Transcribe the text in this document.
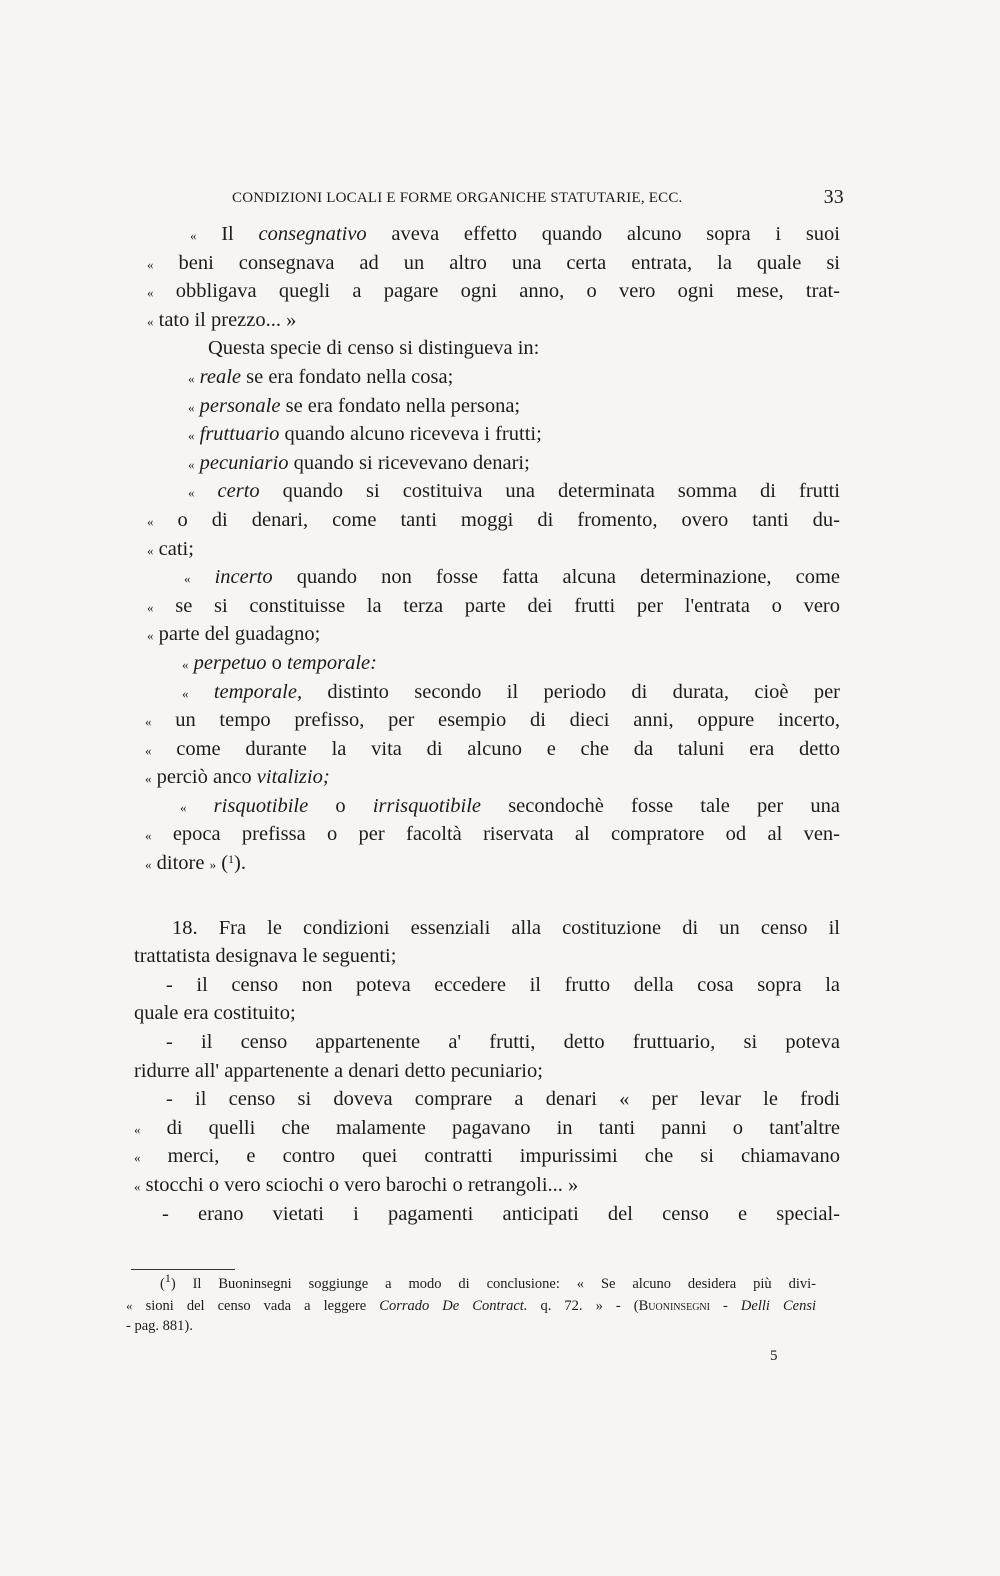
CONDIZIONI LOCALI E FORME ORGANICHE STATUTARIE, ECC.	33
« Il consegnativo aveva effetto quando alcuno sopra i suoi
« beni consegnava ad un altro una certa entrata, la quale si
« obbligava quegli a pagare ogni anno, o vero ogni mese, trat-
« tato il prezzo... »
Questa specie di censo si distingueva in:
« reale se era fondato nella cosa;
« personale se era fondato nella persona;
« fruttuario quando alcuno riceveva i frutti;
« pecuniario quando si ricevevano denari;
« certo quando si costituiva una determinata somma di frutti
« o di denari, come tanti moggi di fromento, overo tanti du-
« cati;
« incerto quando non fosse fatta alcuna determinazione, come
« se si constituisse la terza parte dei frutti per l'entrata o vero
« parte del guadagno;
« perpetuo o temporale:
« temporale, distinto secondo il periodo di durata, cioè per
« un tempo prefisso, per esempio di dieci anni, oppure incerto,
« come durante la vita di alcuno e che da taluni era detto
« perciò anco vitalizio;
« risquotibile o irrisquotibile secondochè fosse tale per una
« epoca prefissa o per facoltà riservata al compratore od al ven-
« ditore » ($^1$).
18. Fra le condizioni essenziali alla costituzione di un censo il
trattatista designava le seguenti;
- il censo non poteva eccedere il frutto della cosa sopra la
quale era costituito;
- il censo appartenente a' frutti, detto fruttuario, si poteva
ridurre all' appartenente a denari detto pecuniario;
- il censo si doveva comprare a denari « per levar le frodi
« di quelli che malamente pagavano in tanti panni o tant'altre
« merci, e contro quei contratti impurissimi che si chiamavano
« stocchi o vero sciochi o vero barochi o retrangoli... »
- erano vietati i pagamenti anticipati del censo e special-
($^1$) Il Buoninsegni soggiunge a modo di conclusione: « Se alcuno desidera più divi-
« sioni del censo vada a leggere Corrado De Contract. q. 72. » - (Buoninsegni - Delli Censi
- pag. 881).
5
